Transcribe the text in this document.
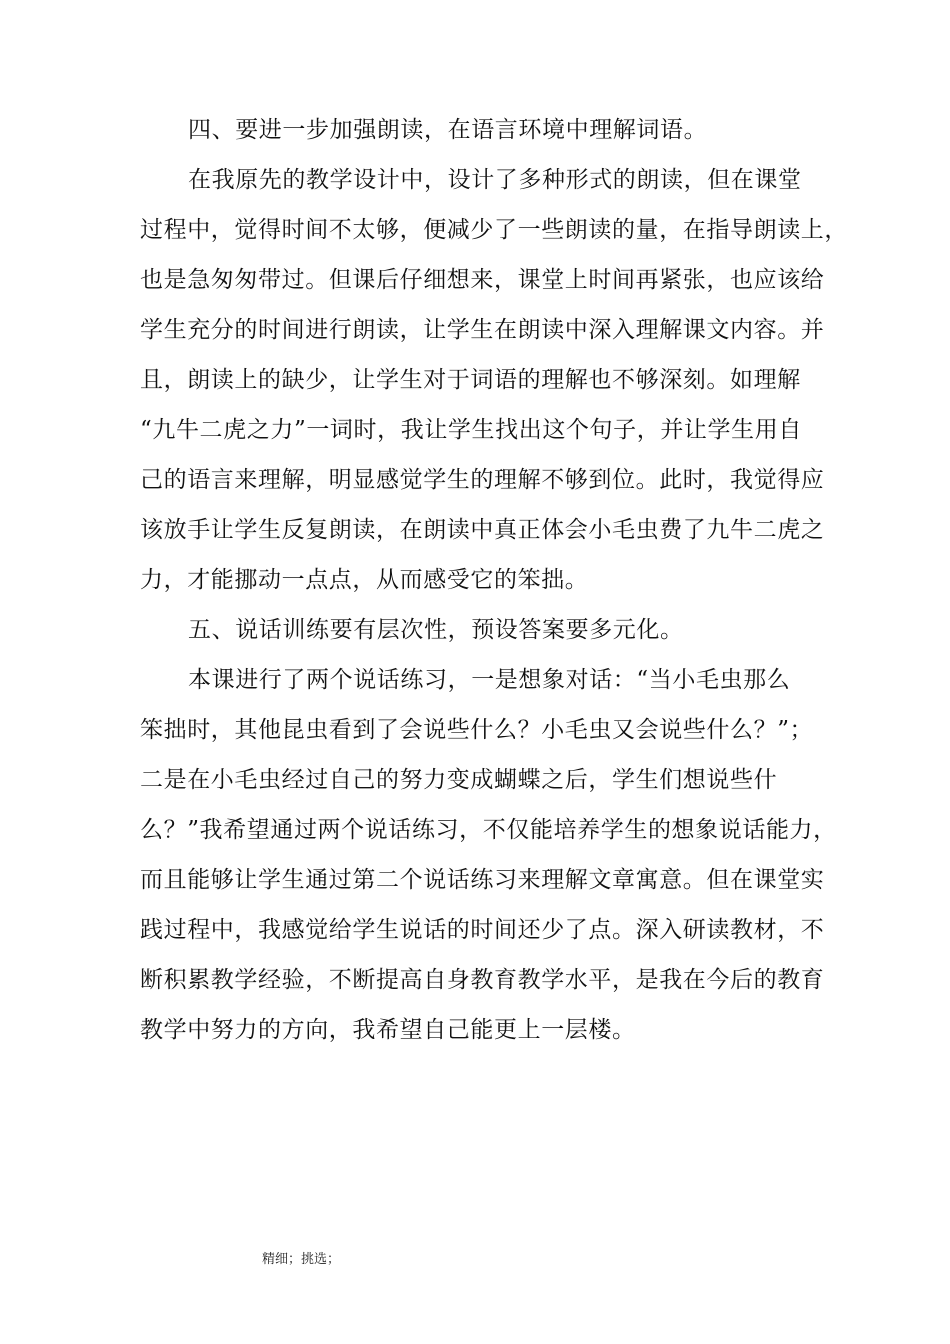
四、要进一步加强朗读，在语言环境中理解词语。
在我原先的教学设计中，设计了多种形式的朗读，但在课堂
过程中，觉得时间不太够，便减少了一些朗读的量，在指导朗读上，
也是急匆匆带过。但课后仔细想来，课堂上时间再紧张，也应该给
学生充分的时间进行朗读，让学生在朗读中深入理解课文内容。并
且，朗读上的缺少，让学生对于词语的理解也不够深刻。如理解
“九牛二虎之力”一词时，我让学生找出这个句子，并让学生用自
己的语言来理解，明显感觉学生的理解不够到位。此时，我觉得应
该放手让学生反复朗读，在朗读中真正体会小毛虫费了九牛二虎之
力，才能挪动一点点，从而感受它的笨拙。
五、说话训练要有层次性，预设答案要多元化。
本课进行了两个说话练习，一是想象对话：“当小毛虫那么
笨拙时，其他昆虫看到了会说些什么？小毛虫又会说些什么？”；
二是在小毛虫经过自己的努力变成蝴蝶之后，学生们想说些什
么？”我希望通过两个说话练习，不仅能培养学生的想象说话能力，
而且能够让学生通过第二个说话练习来理解文章寓意。但在课堂实
践过程中，我感觉给学生说话的时间还少了点。深入研读教材，不
断积累教学经验，不断提高自身教育教学水平，是我在今后的教育
教学中努力的方向，我希望自己能更上一层楼。
精细；挑选；
